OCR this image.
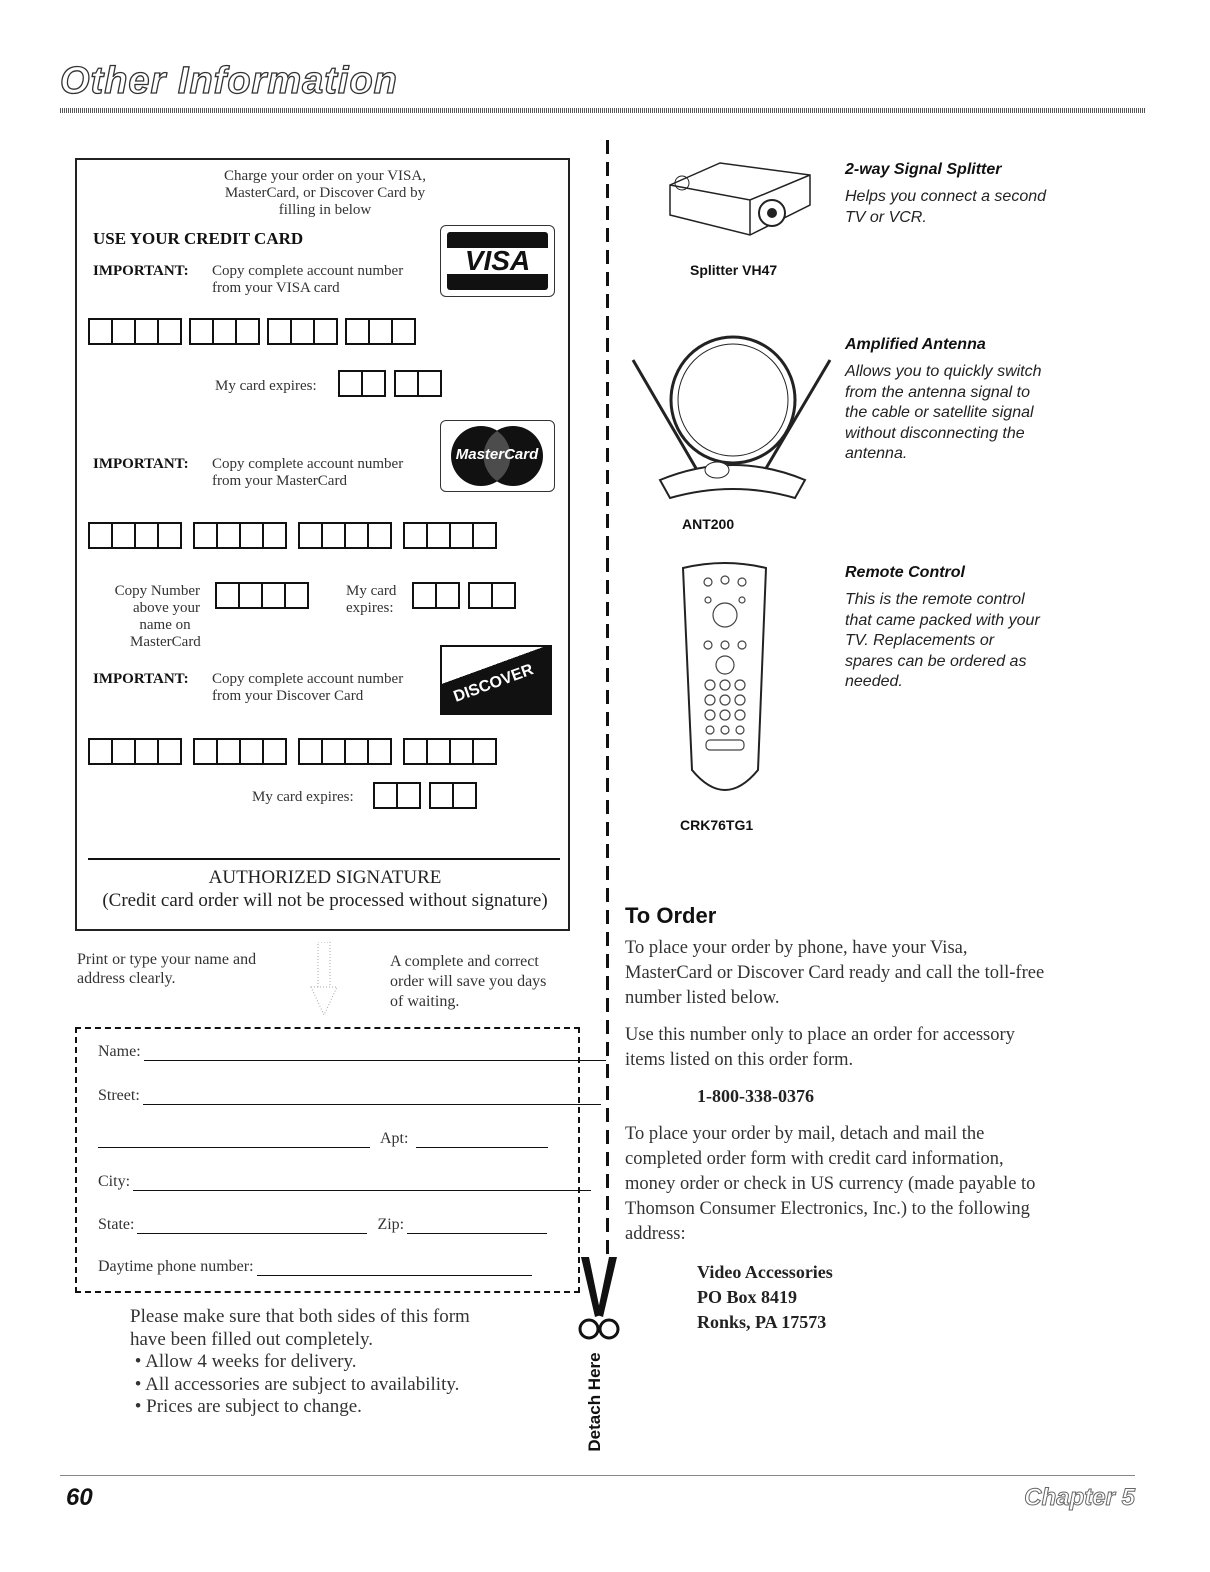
Other Information
Charge your order on your VISA,
MasterCard, or Discover Card by
filling in below
USE YOUR CREDIT CARD
IMPORTANT: Copy complete account number
from your VISA card
VISA
My card expires:
IMPORTANT: Copy complete account number
from your MasterCard
MasterCard
Copy Number
above your
name on
MasterCard
My card
expires:
IMPORTANT: Copy complete account number
from your Discover Card	DISCOVER
My card expires:
AUTHORIZED SIGNATURE
(Credit card order will not be processed without signature)
Print or type your name and
address clearly.
A complete and correct
order will save you days
of waiting.
Name:
Street:
Apt:
City:
State:	Zip:
Daytime phone number:
Please make sure that both sides of this form
have been filled out completely.
• Allow 4 weeks for delivery.
• All accessories are subject to availability.
• Prices are subject to change.	Detach Here
Splitter VH47
2-way Signal Splitter
Helps you connect a second
TV or VCR.
ANT200
Amplified Antenna
Allows you to quickly switch
from the antenna signal to
the cable or satellite signal
without disconnecting the
antenna.
CRK76TG1
Remote Control
This is the remote control
that came packed with your
TV. Replacements or
spares can be ordered as
needed.
To Order
To place your order by phone, have your Visa,
MasterCard or Discover Card ready and call the toll-free
number listed below.
Use this number only to place an order for accessory
items listed on this order form.
1-800-338-0376
To place your order by mail, detach and mail the
completed order form with credit card information,
money order or check in US currency (made payable to
Thomson Consumer Electronics, Inc.) to the following
address:
Video Accessories
PO Box 8419
Ronks, PA 17573
60	Chapter 5
